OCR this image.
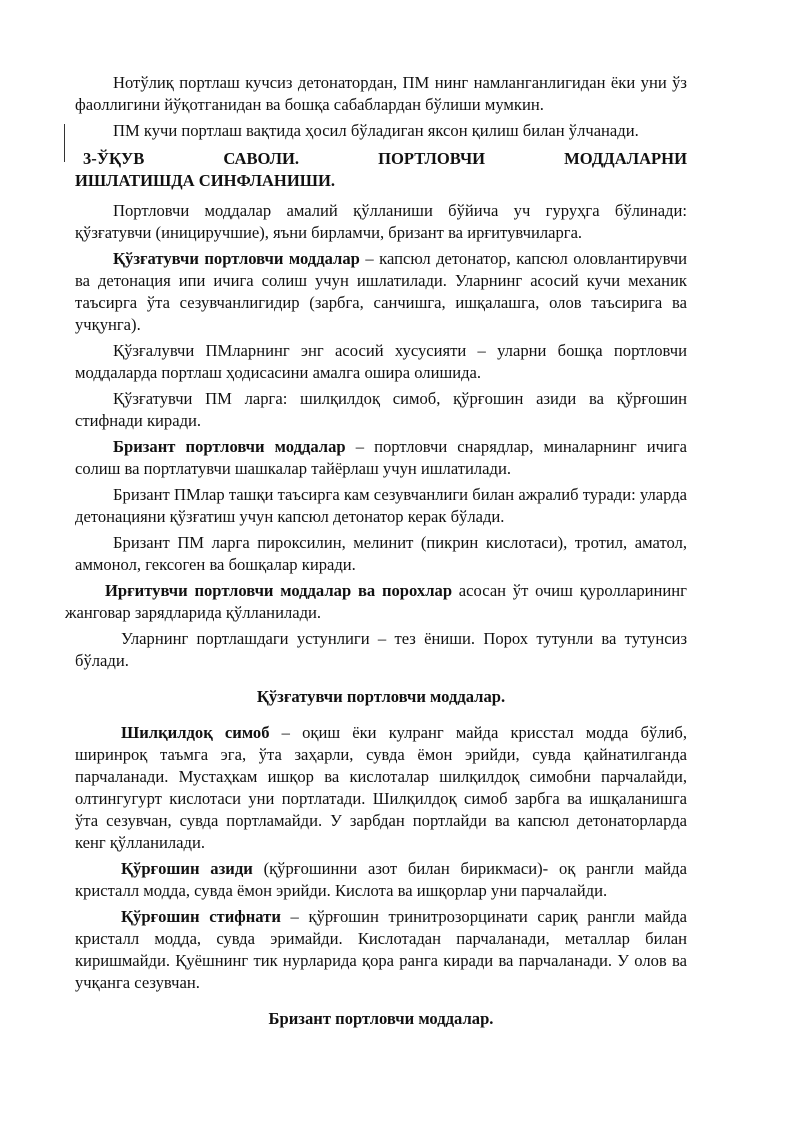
Нотўлиқ портлаш кучсиз детонатордан, ПМ нинг намланганлигидан ёки уни ўз фаоллигини йўқотганидан ва бошқа сабаблардан бўлиши мумкин.

ПМ кучи портлаш вақтида ҳосил бўладиган яксон қилиш билан ўлчанади.

3-ЎҚУВ	САВОЛИ.	ПОРТЛОВЧИ	МОДДАЛАРНИ
ИШЛАТИШДА СИНФЛАНИШИ.

Портловчи моддалар амалий қўлланиши бўйича уч гуруҳга бўлинади: қўзғатувчи (инициручшие), яъни бирламчи, бризант ва ирғитувчиларга.

Қўзғатувчи портловчи моддалар – капсюл детонатор, капсюл оловлантирувчи ва детонация ипи ичига солиш учун ишлатилади. Уларнинг асосий кучи механик таъсирга ўта сезувчанлигидир (зарбга, санчишга, ишқалашга, олов таъсирига ва учқунга).

Қўзғалувчи ПМларнинг энг асосий хусусияти – уларни бошқа портловчи моддаларда портлаш ҳодисасини амалга ошира олишида.

Қўзғатувчи ПМ ларга: шилқилдоқ симоб, қўрғошин азиди ва қўрғошин стифнади киради.

Бризант портловчи моддалар – портловчи снарядлар, миналарнинг ичига солиш ва портлатувчи шашкалар тайёрлаш учун ишлатилади.

Бризант ПМлар ташқи таъсирга кам сезувчанлиги билан ажралиб туради: уларда детонацияни қўзғатиш учун капсюл детонатор керак бўлади.

Бризант ПМ ларга пироксилин, мелинит (пикрин кислотаси), тротил, аматол, аммонол, гексоген ва бошқалар киради.

Ирғитувчи портловчи моддалар ва порохлар асосан ўт очиш қуролларининг жанговар зарядларида қўлланилади.

Уларнинг портлашдаги устунлиги – тез ёниши. Порох тутунли ва тутунсиз бўлади.

Қўзғатувчи портловчи моддалар.

Шилқилдоқ симоб – оқиш ёки кулранг майда крисстал модда бўлиб, ширинроқ таъмга эга, ўта заҳарли, сувда ёмон эрийди, сувда қайнатилганда парчаланади. Мустаҳкам ишқор ва кислоталар шилқилдоқ симобни парчалайди, олтингугурт кислотаси уни портлатади. Шилқилдоқ симоб зарбга ва ишқаланишга ўта сезувчан, сувда портламайди. У зарбдан портлайди ва капсюл детонаторларда кенг қўлланилади.

Қўрғошин азиди (қўрғошинни азот билан бирикмаси)- оқ рангли майда кристалл модда, сувда ёмон эрийди. Кислота ва ишқорлар уни парчалайди.

Қўрғошин стифнати – қўрғошин тринитрозорцинати сариқ рангли майда кристалл модда, сувда эримайди. Кислотадан парчаланади, металлар билан киришмайди. Қуёшнинг тик нурларида қора ранга киради ва парчаланади. У олов ва учқанга сезувчан.

Бризант портловчи моддалар.
